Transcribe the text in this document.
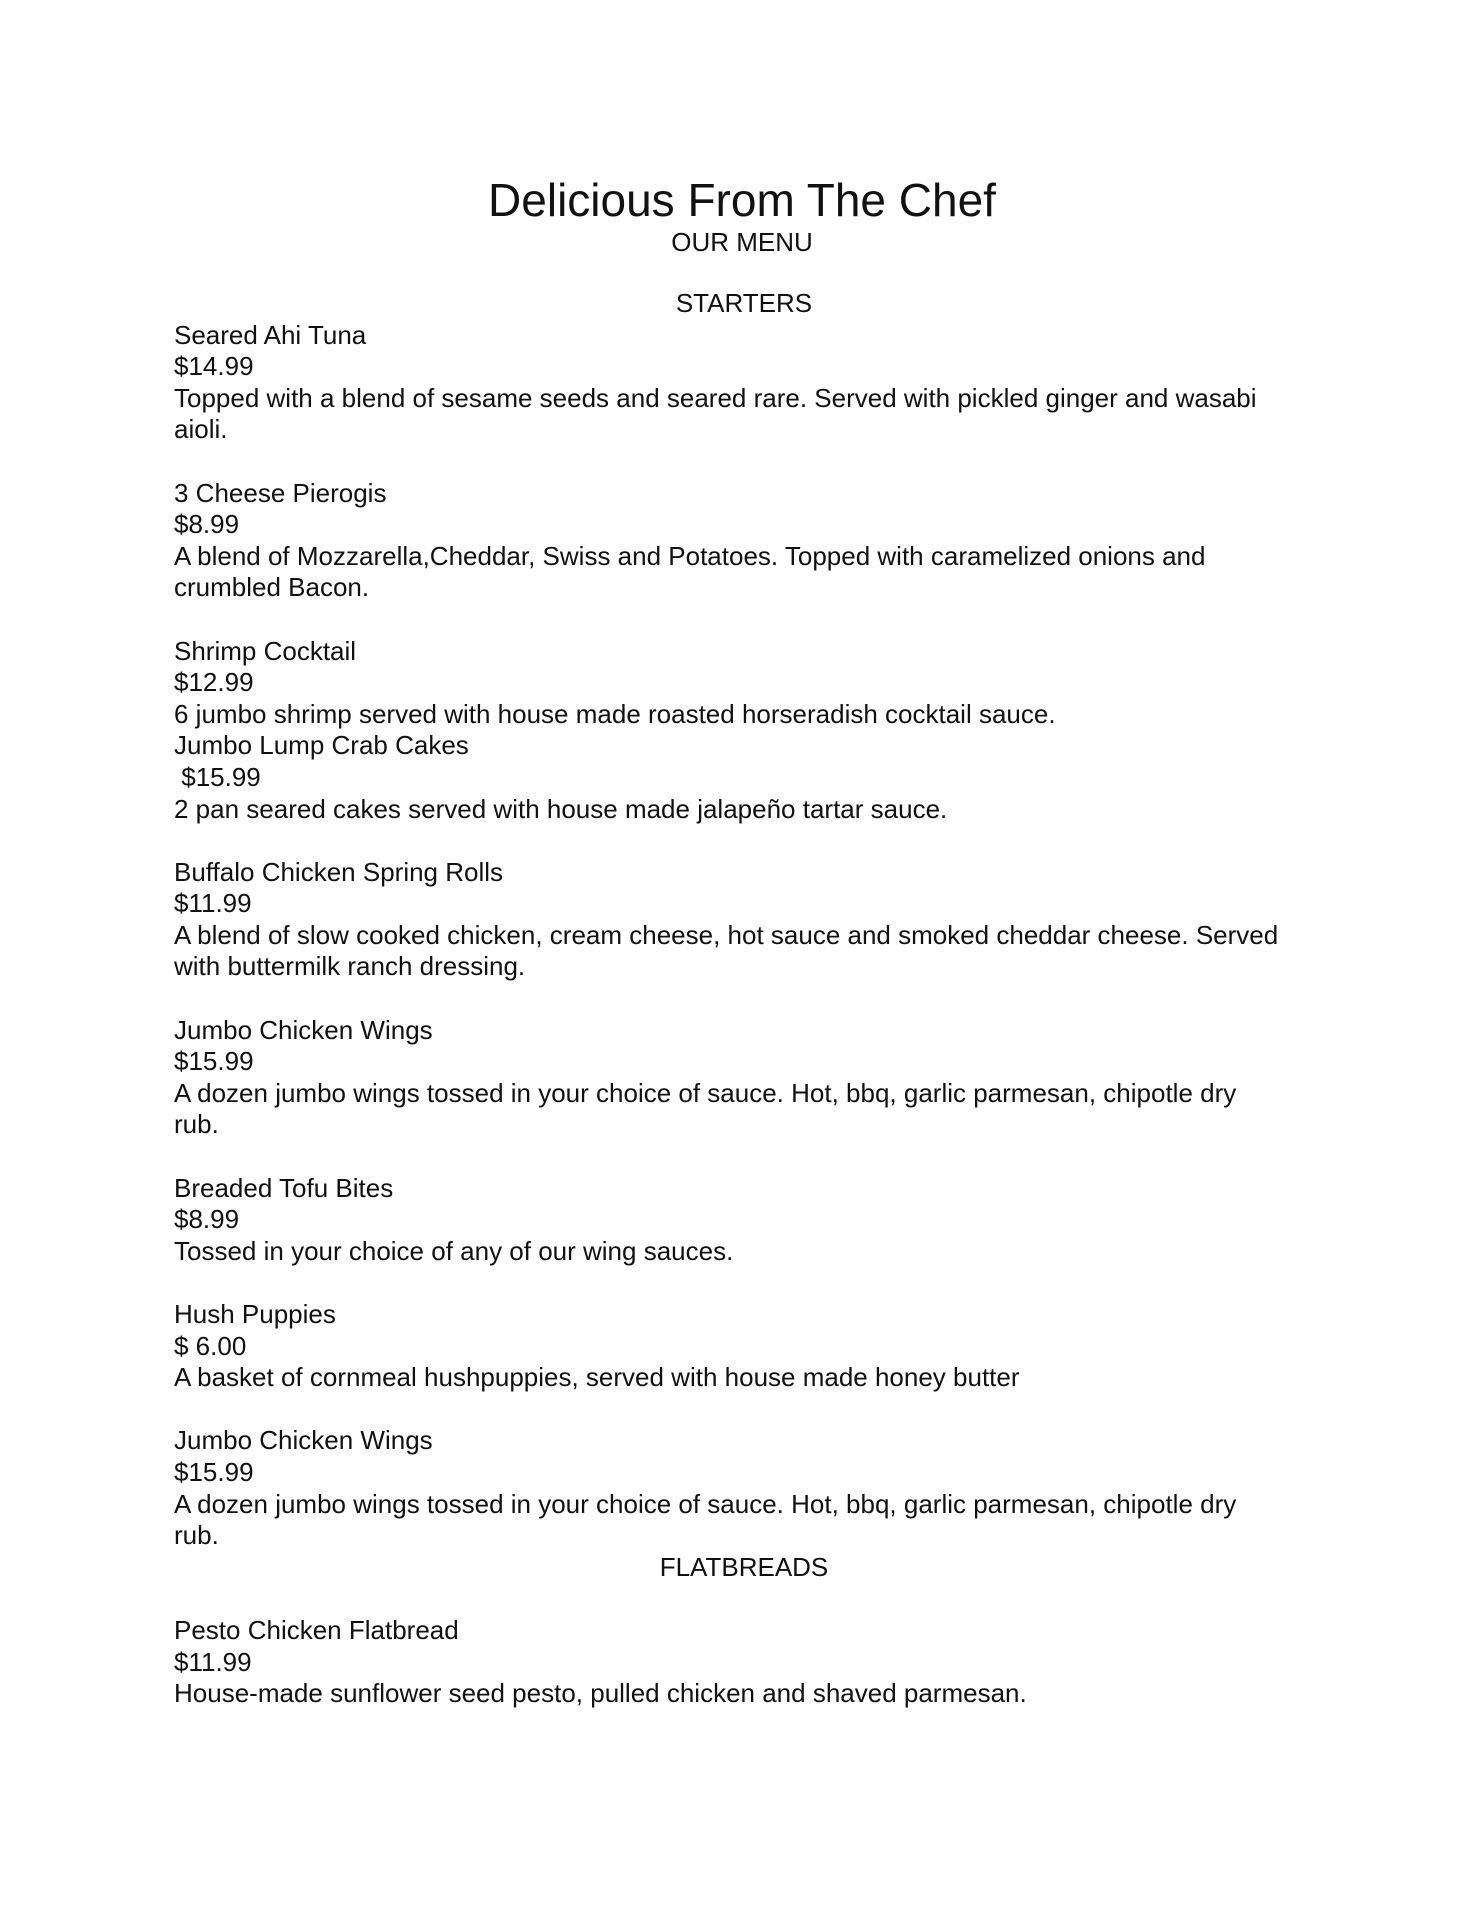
Delicious From The Chef
OUR MENU

STARTERS

Seared Ahi Tuna

$14.99

Topped with a blend of sesame seeds and seared rare. Served with pickled ginger and wasabi

aioli.

3 Cheese Pierogis

$8.99

A blend of Mozzarella,Cheddar, Swiss and Potatoes. Topped with caramelized onions and

crumbled Bacon.

Shrimp Cocktail

$12.99

6 jumbo shrimp served with house made roasted horseradish cocktail sauce.

Jumbo Lump Crab Cakes

$15.99

2 pan seared cakes served with house made jalapeño tartar sauce.

Buffalo Chicken Spring Rolls

$11.99

A blend of slow cooked chicken, cream cheese, hot sauce and smoked cheddar cheese. Served

with buttermilk ranch dressing.

Jumbo Chicken Wings

$15.99

A dozen jumbo wings tossed in your choice of sauce. Hot, bbq, garlic parmesan, chipotle dry

rub.

Breaded Tofu Bites

$8.99

Tossed in your choice of any of our wing sauces.

Hush Puppies

$ 6.00

A basket of cornmeal hushpuppies, served with house made honey butter

Jumbo Chicken Wings

$15.99

A dozen jumbo wings tossed in your choice of sauce. Hot, bbq, garlic parmesan, chipotle dry

rub.

FLATBREADS

Pesto Chicken Flatbread

$11.99

House-made sunflower seed pesto, pulled chicken and shaved parmesan.
